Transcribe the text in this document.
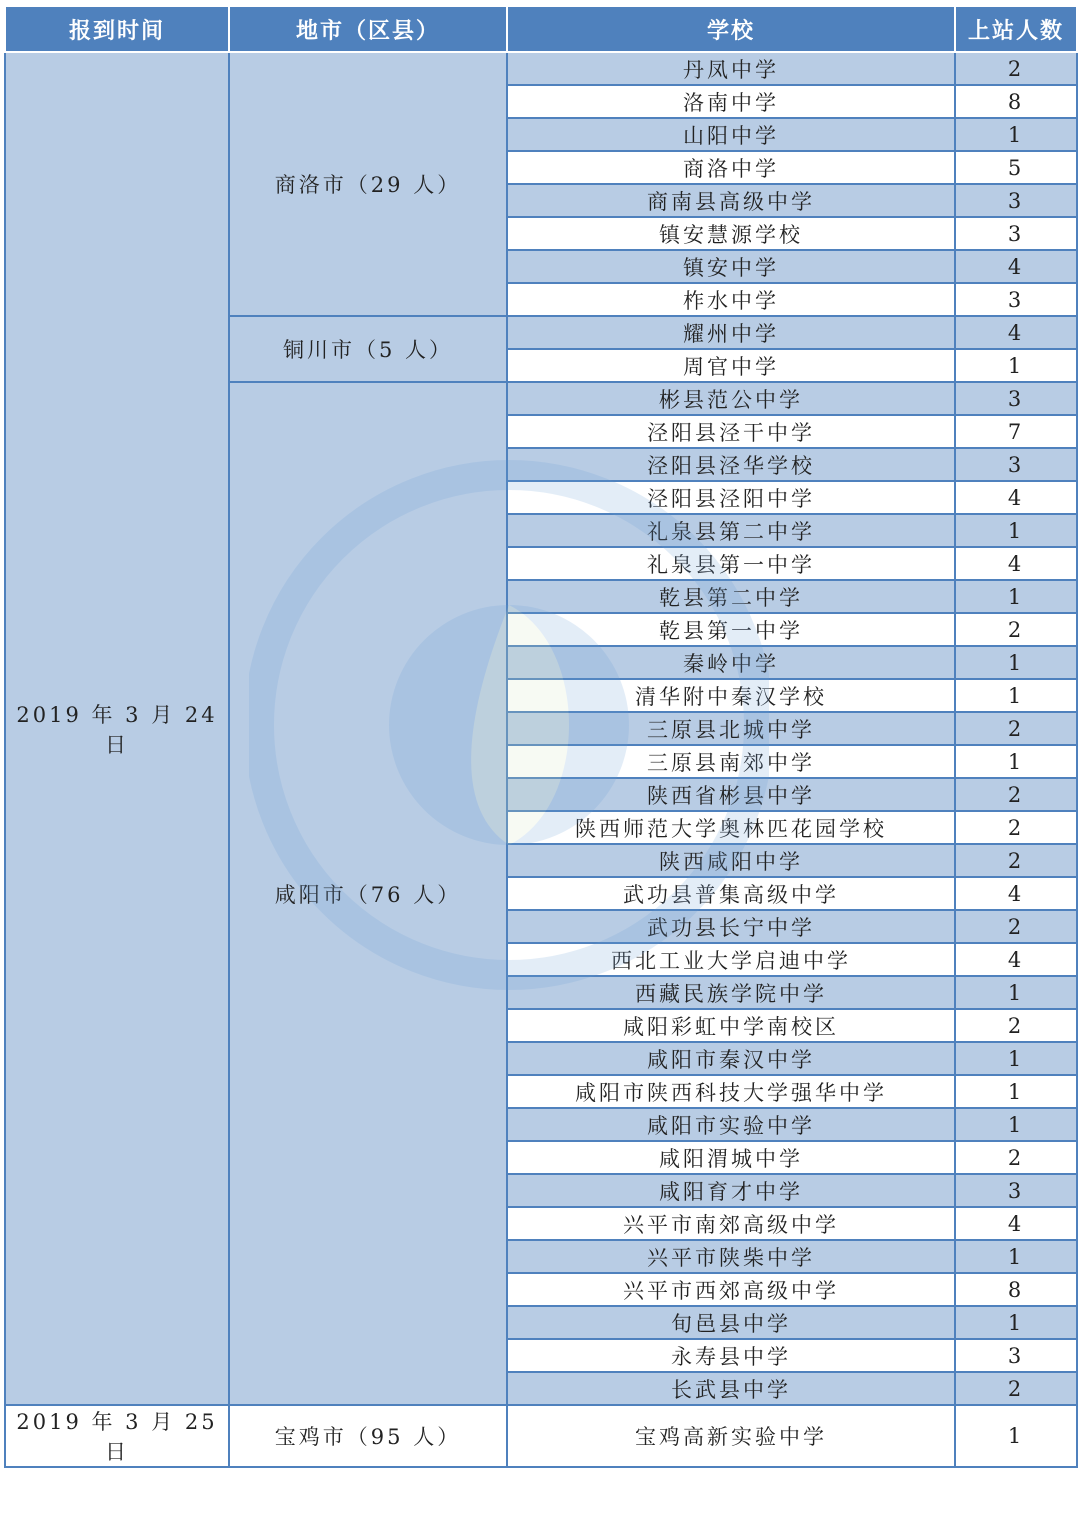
报到时间	地市（区县）	学校	上站人数
2019 年 3 月 24 日	商洛市（29 人）	丹凤中学	2
		洛南中学	8
		山阳中学	1
		商洛中学	5
		商南县高级中学	3
		镇安慧源学校	3
		镇安中学	4
		柞水中学	3
	铜川市（5 人）	耀州中学	4
		周官中学	1
	咸阳市（76 人）	彬县范公中学	3
		泾阳县泾干中学	7
		泾阳县泾华学校	3
		泾阳县泾阳中学	4
		礼泉县第二中学	1
		礼泉县第一中学	4
		乾县第二中学	1
		乾县第一中学	2
		秦岭中学	1
		清华附中秦汉学校	1
		三原县北城中学	2
		三原县南郊中学	1
		陕西省彬县中学	2
		陕西师范大学奥林匹花园学校	2
		陕西咸阳中学	2
		武功县普集高级中学	4
		武功县长宁中学	2
		西北工业大学启迪中学	4
		西藏民族学院中学	1
		咸阳彩虹中学南校区	2
		咸阳市秦汉中学	1
		咸阳市陕西科技大学强华中学	1
		咸阳市实验中学	1
		咸阳渭城中学	2
		咸阳育才中学	3
		兴平市南郊高级中学	4
		兴平市陕柴中学	1
		兴平市西郊高级中学	8
		旬邑县中学	1
		永寿县中学	3
		长武县中学	2
2019 年 3 月 25 日	宝鸡市（95 人）	宝鸡高新实验中学	1
